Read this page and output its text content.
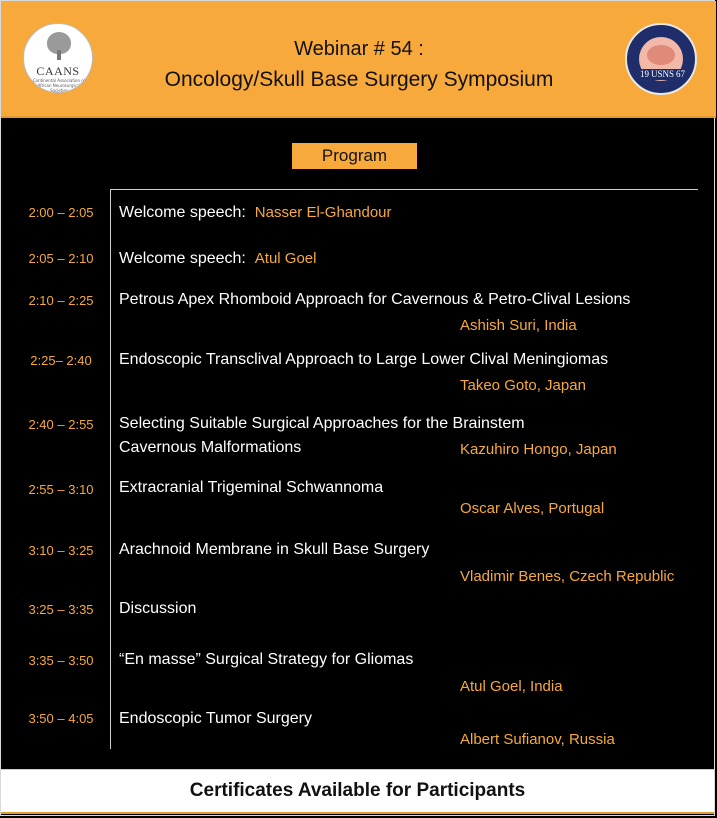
CAANS
Continental Association of African Neurosurgical Societies
Webinar # 54 :
Oncology/Skull Base Surgery Symposium	19 USNS 67
Program
2:00 – 2:05	Welcome speech: Nasser El-Ghandour
2:05 – 2:10	Welcome speech: Atul Goel
2:10 – 2:25	Petrous Apex Rhomboid Approach for Cavernous & Petro-Clival Lesions
Ashish Suri, India
2:25– 2:40	Endoscopic Transclival Approach to Large Lower Clival Meningiomas
Takeo Goto, Japan
2:40 – 2:55	Selecting Suitable Surgical Approaches for the Brainstem
Cavernous Malformations	Kazuhiro Hongo, Japan
2:55 – 3:10	Extracranial Trigeminal Schwannoma
Oscar Alves, Portugal
3:10 – 3:25	Arachnoid Membrane in Skull Base Surgery
Vladimir Benes, Czech Republic
3:25 – 3:35	Discussion
3:35 – 3:50	“En masse” Surgical Strategy for Gliomas
Atul Goel, India
3:50 – 4:05	Endoscopic Tumor Surgery
Albert Sufianov, Russia
Certificates Available for Participants
